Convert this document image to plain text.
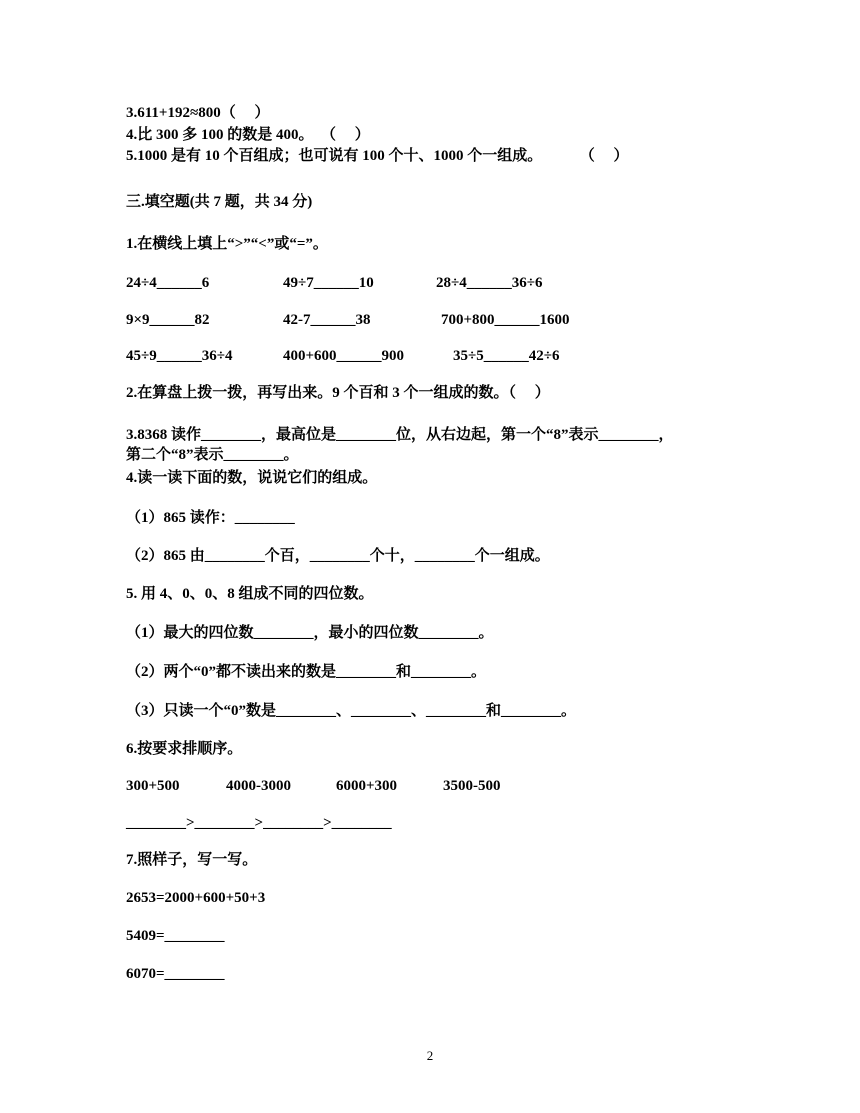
3.611+192≈800（     ）
4.比 300 多 100 的数是 400。  （     ）
5.1000 是有 10 个百组成；也可说有 100 个十、1000 个一组成。          （     ）
三.填空题(共 7 题，共 34 分)
1.在横线上填上“>”“<”或“=”。
24÷4______6	49÷7______10	28÷4______36÷6
9×9______82	42-7______38	700+800______1600
45÷9______36÷4	400+600______900	35÷5______42÷6
2.在算盘上拨一拨，再写出来。9 个百和 3 个一组成的数。（     ）
3.8368 读作________，最高位是________位，从右边起，第一个“8”表示________，
第二个“8”表示________。
4.读一读下面的数，说说它们的组成。
（1）865 读作：________
（2）865 由________个百，________个十，________个一组成。
5. 用 4、0、0、8 组成不同的四位数。
（1）最大的四位数________，最小的四位数________。
（2）两个“0”都不读出来的数是________和________。
（3）只读一个“0”数是________、________、________和________。
6.按要求排顺序。
300+500	4000-3000	6000+300	3500-500
________>________>________>________
7.照样子，写一写。
2653=2000+600+50+3
5409=________
6070=________
2
